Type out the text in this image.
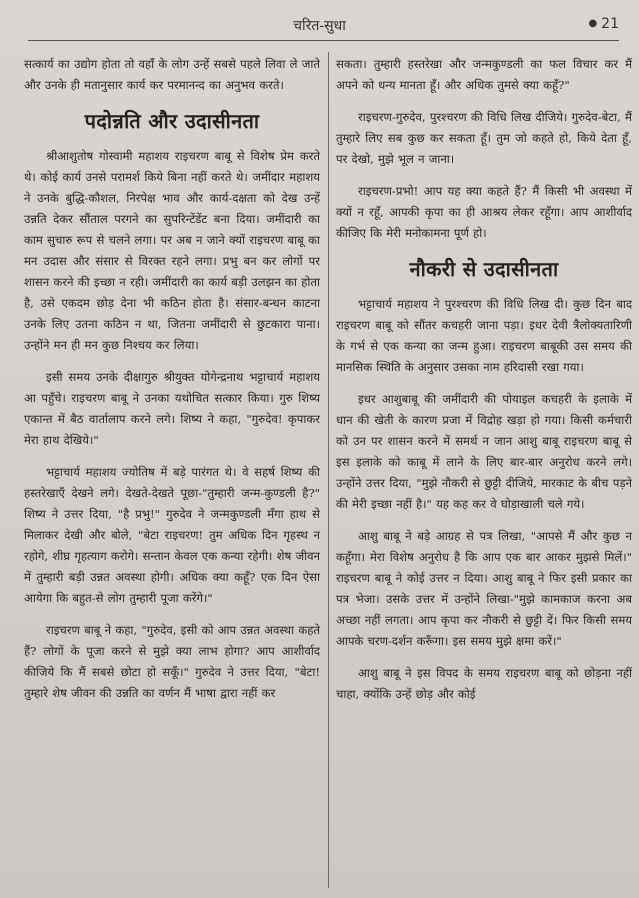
चरित-सुधा	● 21

सत्कार्य का उद्योग होता तो वहाँ के लोग उन्हें सबसे पहले लिवा ले जाते और उनके ही मतानुसार कार्य कर परमानन्द का अनुभव करते।

पदोन्नति और उदासीनता

श्रीआशुतोष गोस्वामी महाशय राइचरण बाबू से विशेष प्रेम करते थे। कोई कार्य उनसे परामर्श किये बिना नहीं करते थे। जमींदार महाशय ने उनके बुद्धि-कौशल, निरपेक्ष भाव और कार्य-दक्षता को देख उन्हें उन्नति देकर सौंताल परगने का सुपरिन्टेंडेंट बना दिया। जमींदारी का काम सुचारु रूप से चलने लगा। पर अब न जाने क्यों राइचरण बाबू का मन उदास और संसार से विरक्त रहने लगा। प्रभु बन कर लोगों पर शासन करने की इच्छा न रही। जमींदारी का कार्य बड़ी उलझन का होता है, उसे एकदम छोड़ देना भी कठिन होता है। संसार-बन्धन काटना उनके लिए उतना कठिन न था, जितना जमींदारी से छुटकारा पाना। उन्होंने मन ही मन कुछ निश्चय कर लिया।

इसी समय उनके दीक्षागुरु श्रीयुक्त योगेन्द्रनाथ भट्टाचार्य महाशय आ पहुँचे। राइचरण बाबू ने उनका यथोचित सत्कार किया। गुरु शिष्य एकान्त में बैठ वार्तालाप करने लगे। शिष्य ने कहा, "गुरुदेव! कृपाकर मेरा हाथ देखिये।"

भट्टाचार्य महाशय ज्योतिष में बड़े पारंगत थे। वे सहर्ष शिष्य की हस्तरेखाएँ देखने लगे। देखते-देखते पूछा-"तुम्हारी जन्म-कुण्डली है?" शिष्य ने उत्तर दिया, "है प्रभु!" गुरुदेव ने जन्मकुण्डली मँगा हाथ से मिलाकर देखी और बोले, "बेटा राइचरण! तुम अधिक दिन गृहस्थ न रहोगे, शीघ्र गृहत्याग करोगे। सन्तान केवल एक कन्या रहेगी। शेष जीवन में तुम्हारी बड़ी उन्नत अवस्था होगी। अधिक क्या कहूँ? एक दिन ऐसा आयेगा कि बहुत-से लोग तुम्हारी पूजा करेंगे।"

राइचरण बाबू ने कहा, "गुरुदेव, इसी को आप उन्नत अवस्था कहते हैं? लोगों के पूजा करने से मुझे क्या लाभ होगा? आप आशीर्वाद कीजिये कि मैं सबसे छोटा हो सकूँ।" गुरुदेव ने उत्तर दिया, "बेटा! तुम्हारे शेष जीवन की उन्नति का वर्णन मैं भाषा द्वारा नहीं कर

सकता। तुम्हारी हस्तरेखा और जन्मकुण्डली का फल विचार कर मैं अपने को धन्य मानता हूँ। और अधिक तुमसे क्या कहूँ?"

राइचरण-गुरुदेव, पुरश्चरण की विधि लिख दीजिये। गुरुदेव-बेटा, मैं तुम्हारे लिए सब कुछ कर सकता हूँ। तुम जो कहते हो, किये देता हूँ, पर देखो, मुझे भूल न जाना।

राइचरण-प्रभो! आप यह क्या कहते हैं? मैं किसी भी अवस्था में क्यों न रहूँ, आपकी कृपा का ही आश्रय लेकर रहूँगा। आप आशीर्वाद कीजिए कि मेरी मनोकामना पूर्ण हो।

नौकरी से उदासीनता

भट्टाचार्य महाशय ने पुरश्चरण की विधि लिख दी। कुछ दिन बाद राइचरण बाबू को सौंतर कचहरी जाना पड़ा। इधर देवी त्रैलोक्यतारिणी के गर्भ से एक कन्या का जन्म हुआ। राइचरण बाबूकी उस समय की मानसिक स्थिति के अनुसार उसका नाम हरिदासी रखा गया।

इधर आशुबाबू की जमींदारी की पोयाइल कचहरी के इलाके में धान की खेती के कारण प्रजा में विद्रोह खड़ा हो गया। किसी कर्मचारी को उन पर शासन करने में समर्थ न जान आशु बाबू राइचरण बाबू से इस इलाके को काबू में लाने के लिए बार-बार अनुरोध करने लगे। उन्होंने उत्तर दिया, "मुझे नौकरी से छुट्टी दीजिये, मारकाट के बीच पड़ने की मेरी इच्छा नहीं है।" यह कह कर वे घोड़ाखाली चले गये।

आशु बाबू ने बड़े आग्रह से पत्र लिखा, "आपसे मैं और कुछ न कहूँगा। मेरा विशेष अनुरोध है कि आप एक बार आकर मुझसे मिलें।" राइचरण बाबू ने कोई उत्तर न दिया। आशु बाबू ने फिर इसी प्रकार का पत्र भेजा। उसके उत्तर में उन्होंने लिखा-"मुझे कामकाज करना अब अच्छा नहीं लगता। आप कृपा कर नौकरी से छुट्टी दें। फिर किसी समय आपके चरण-दर्शन करूँगा। इस समय मुझे क्षमा करें।"

आशु बाबू ने इस विपद के समय राइचरण बाबू को छोड़ना नहीं चाहा, क्योंकि उन्हें छोड़ और कोई
